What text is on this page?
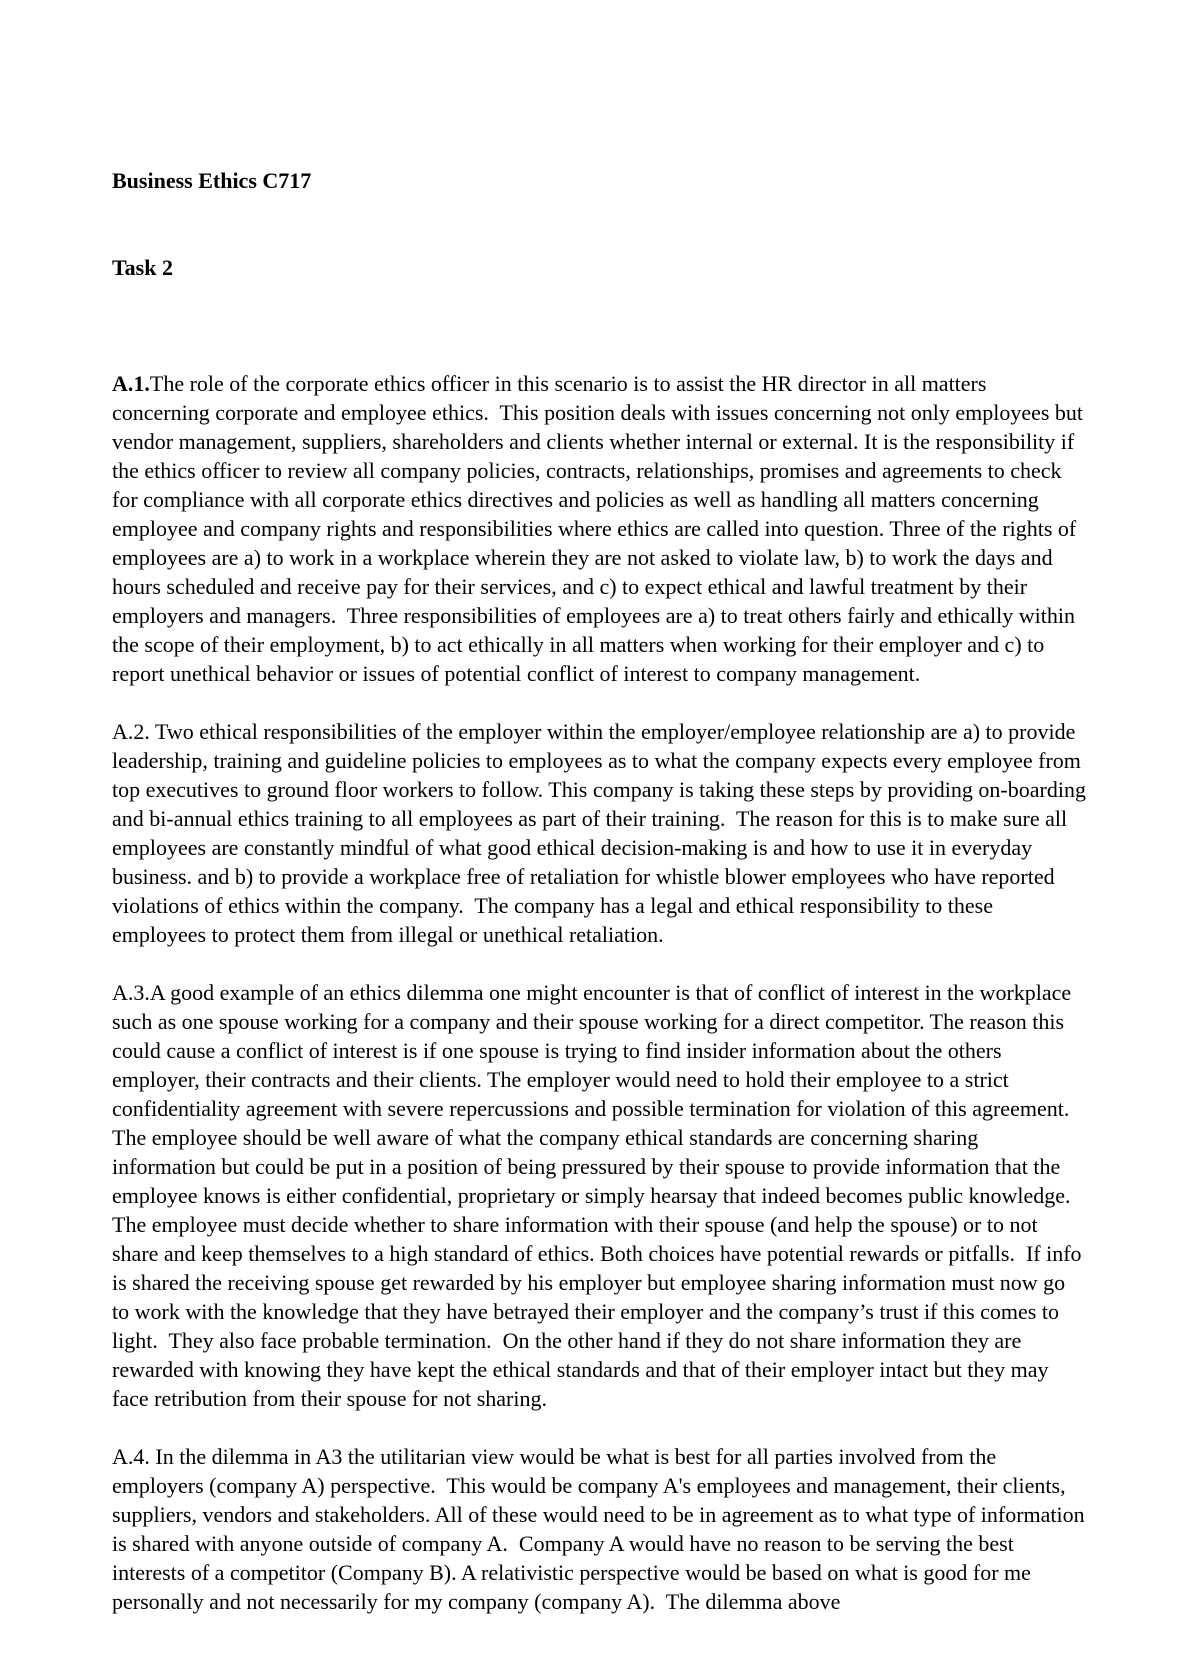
Business Ethics C717

Task 2

A.1.The role of the corporate ethics officer in this scenario is to assist the HR director in all matters concerning corporate and employee ethics.  This position deals with issues concerning not only employees but vendor management, suppliers, shareholders and clients whether internal or external. It is the responsibility if the ethics officer to review all company policies, contracts, relationships, promises and agreements to check for compliance with all corporate ethics directives and policies as well as handling all matters concerning employee and company rights and responsibilities where ethics are called into question. Three of the rights of employees are a) to work in a workplace wherein they are not asked to violate law, b) to work the days and hours scheduled and receive pay for their services, and c) to expect ethical and lawful treatment by their employers and managers.  Three responsibilities of employees are a) to treat others fairly and ethically within the scope of their employment, b) to act ethically in all matters when working for their employer and c) to report unethical behavior or issues of potential conflict of interest to company management.

A.2. Two ethical responsibilities of the employer within the employer/employee relationship are a) to provide leadership, training and guideline policies to employees as to what the company expects every employee from top executives to ground floor workers to follow. This company is taking these steps by providing on-boarding and bi-annual ethics training to all employees as part of their training.  The reason for this is to make sure all employees are constantly mindful of what good ethical decision-making is and how to use it in everyday business. and b) to provide a workplace free of retaliation for whistle blower employees who have reported violations of ethics within the company.  The company has a legal and ethical responsibility to these employees to protect them from illegal or unethical retaliation.

A.3.A good example of an ethics dilemma one might encounter is that of conflict of interest in the workplace such as one spouse working for a company and their spouse working for a direct competitor. The reason this could cause a conflict of interest is if one spouse is trying to find insider information about the others employer, their contracts and their clients. The employer would need to hold their employee to a strict confidentiality agreement with severe repercussions and possible termination for violation of this agreement. The employee should be well aware of what the company ethical standards are concerning sharing information but could be put in a position of being pressured by their spouse to provide information that the employee knows is either confidential, proprietary or simply hearsay that indeed becomes public knowledge. The employee must decide whether to share information with their spouse (and help the spouse) or to not share and keep themselves to a high standard of ethics. Both choices have potential rewards or pitfalls.  If info is shared the receiving spouse get rewarded by his employer but employee sharing information must now go to work with the knowledge that they have betrayed their employer and the company’s trust if this comes to light.  They also face probable termination.  On the other hand if they do not share information they are rewarded with knowing they have kept the ethical standards and that of their employer intact but they may face retribution from their spouse for not sharing.

A.4. In the dilemma in A3 the utilitarian view would be what is best for all parties involved from the employers (company A) perspective.  This would be company A's employees and management, their clients, suppliers, vendors and stakeholders. All of these would need to be in agreement as to what type of information is shared with anyone outside of company A.  Company A would have no reason to be serving the best interests of a competitor (Company B). A relativistic perspective would be based on what is good for me personally and not necessarily for my company (company A).  The dilemma above
